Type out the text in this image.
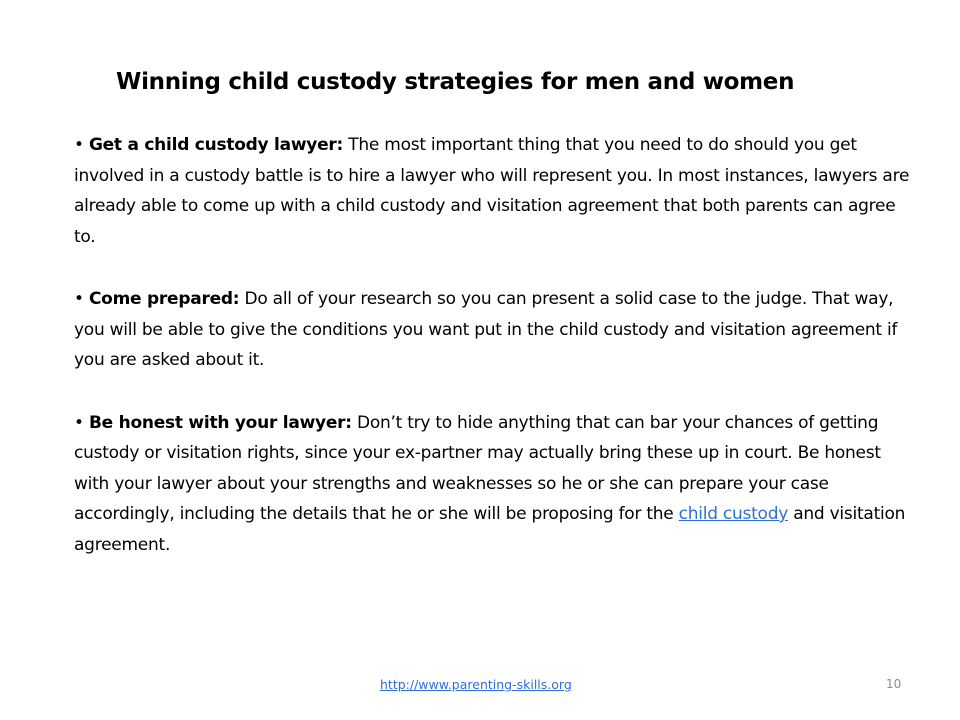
Winning child custody strategies for men and women
• Get a child custody lawyer: The most important thing that you need to do should you get involved in a custody battle is to hire a lawyer who will represent you. In most instances, lawyers are already able to come up with a child custody and visitation agreement that both parents can agree to.
• Come prepared: Do all of your research so you can present a solid case to the judge. That way, you will be able to give the conditions you want put in the child custody and visitation agreement if you are asked about it.
• Be honest with your lawyer: Don’t try to hide anything that can bar your chances of getting custody or visitation rights, since your ex-partner may actually bring these up in court. Be honest with your lawyer about your strengths and weaknesses so he or she can prepare your case accordingly, including the details that he or she will be proposing for the child custody and visitation agreement.
http://www.parenting-skills.org	10
